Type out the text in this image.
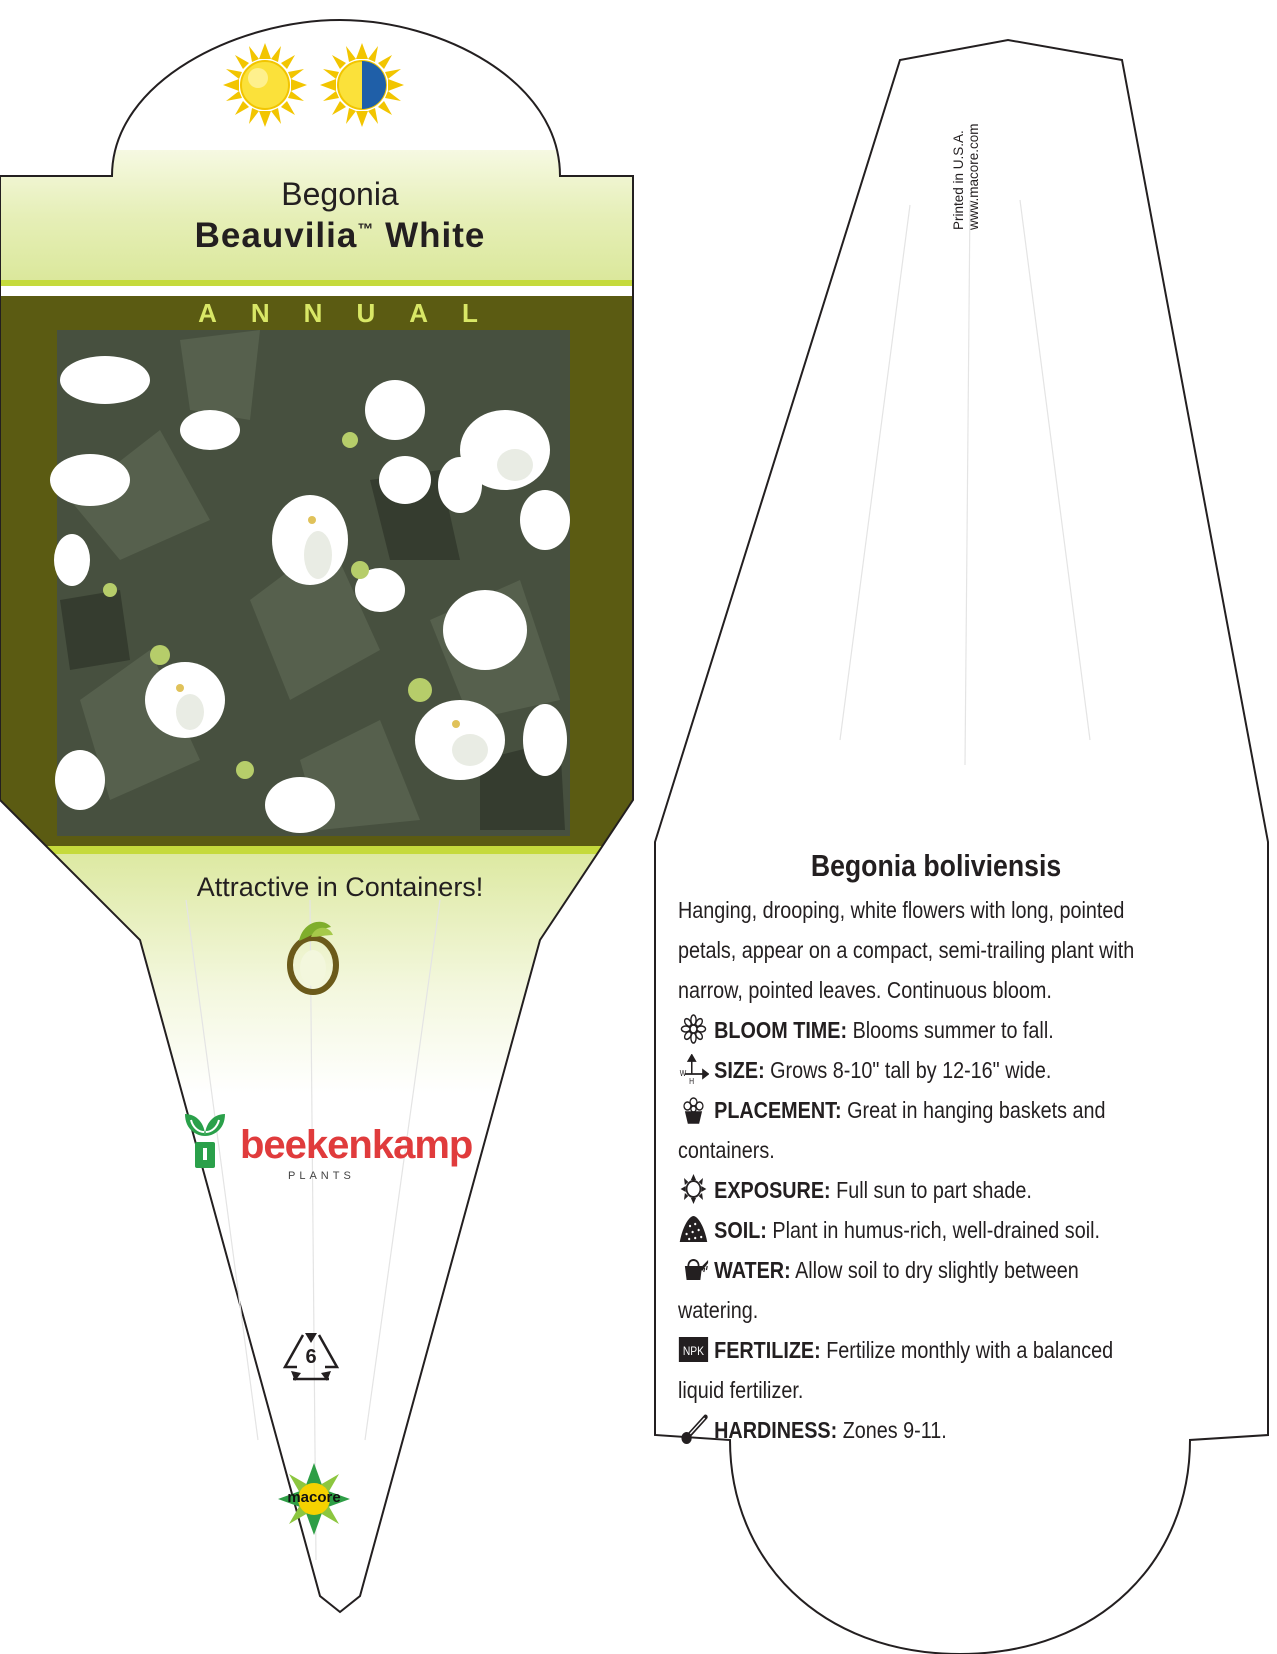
Begonia
Beauvilia™ White
ANNUAL
Attractive in Containers!
beekenkamp
PLANTS
6
macore
Printed in U.S.A.
www.macore.com
Begonia boliviensis
Hanging, drooping, white flowers with long, pointed petals, appear on a compact, semi-trailing plant with narrow, pointed leaves. Continuous bloom.
BLOOM TIME: Blooms summer to fall.
W
H SIZE: Grows 8-10" tall by 12-16" wide.
PLACEMENT: Great in hanging baskets and containers.
EXPOSURE: Full sun to part shade.
SOIL: Plant in humus-rich, well-drained soil.
WATER: Allow soil to dry slightly between watering.
NPK FERTILIZE: Fertilize monthly with a balanced liquid fertilizer.
HARDINESS: Zones 9-11.
